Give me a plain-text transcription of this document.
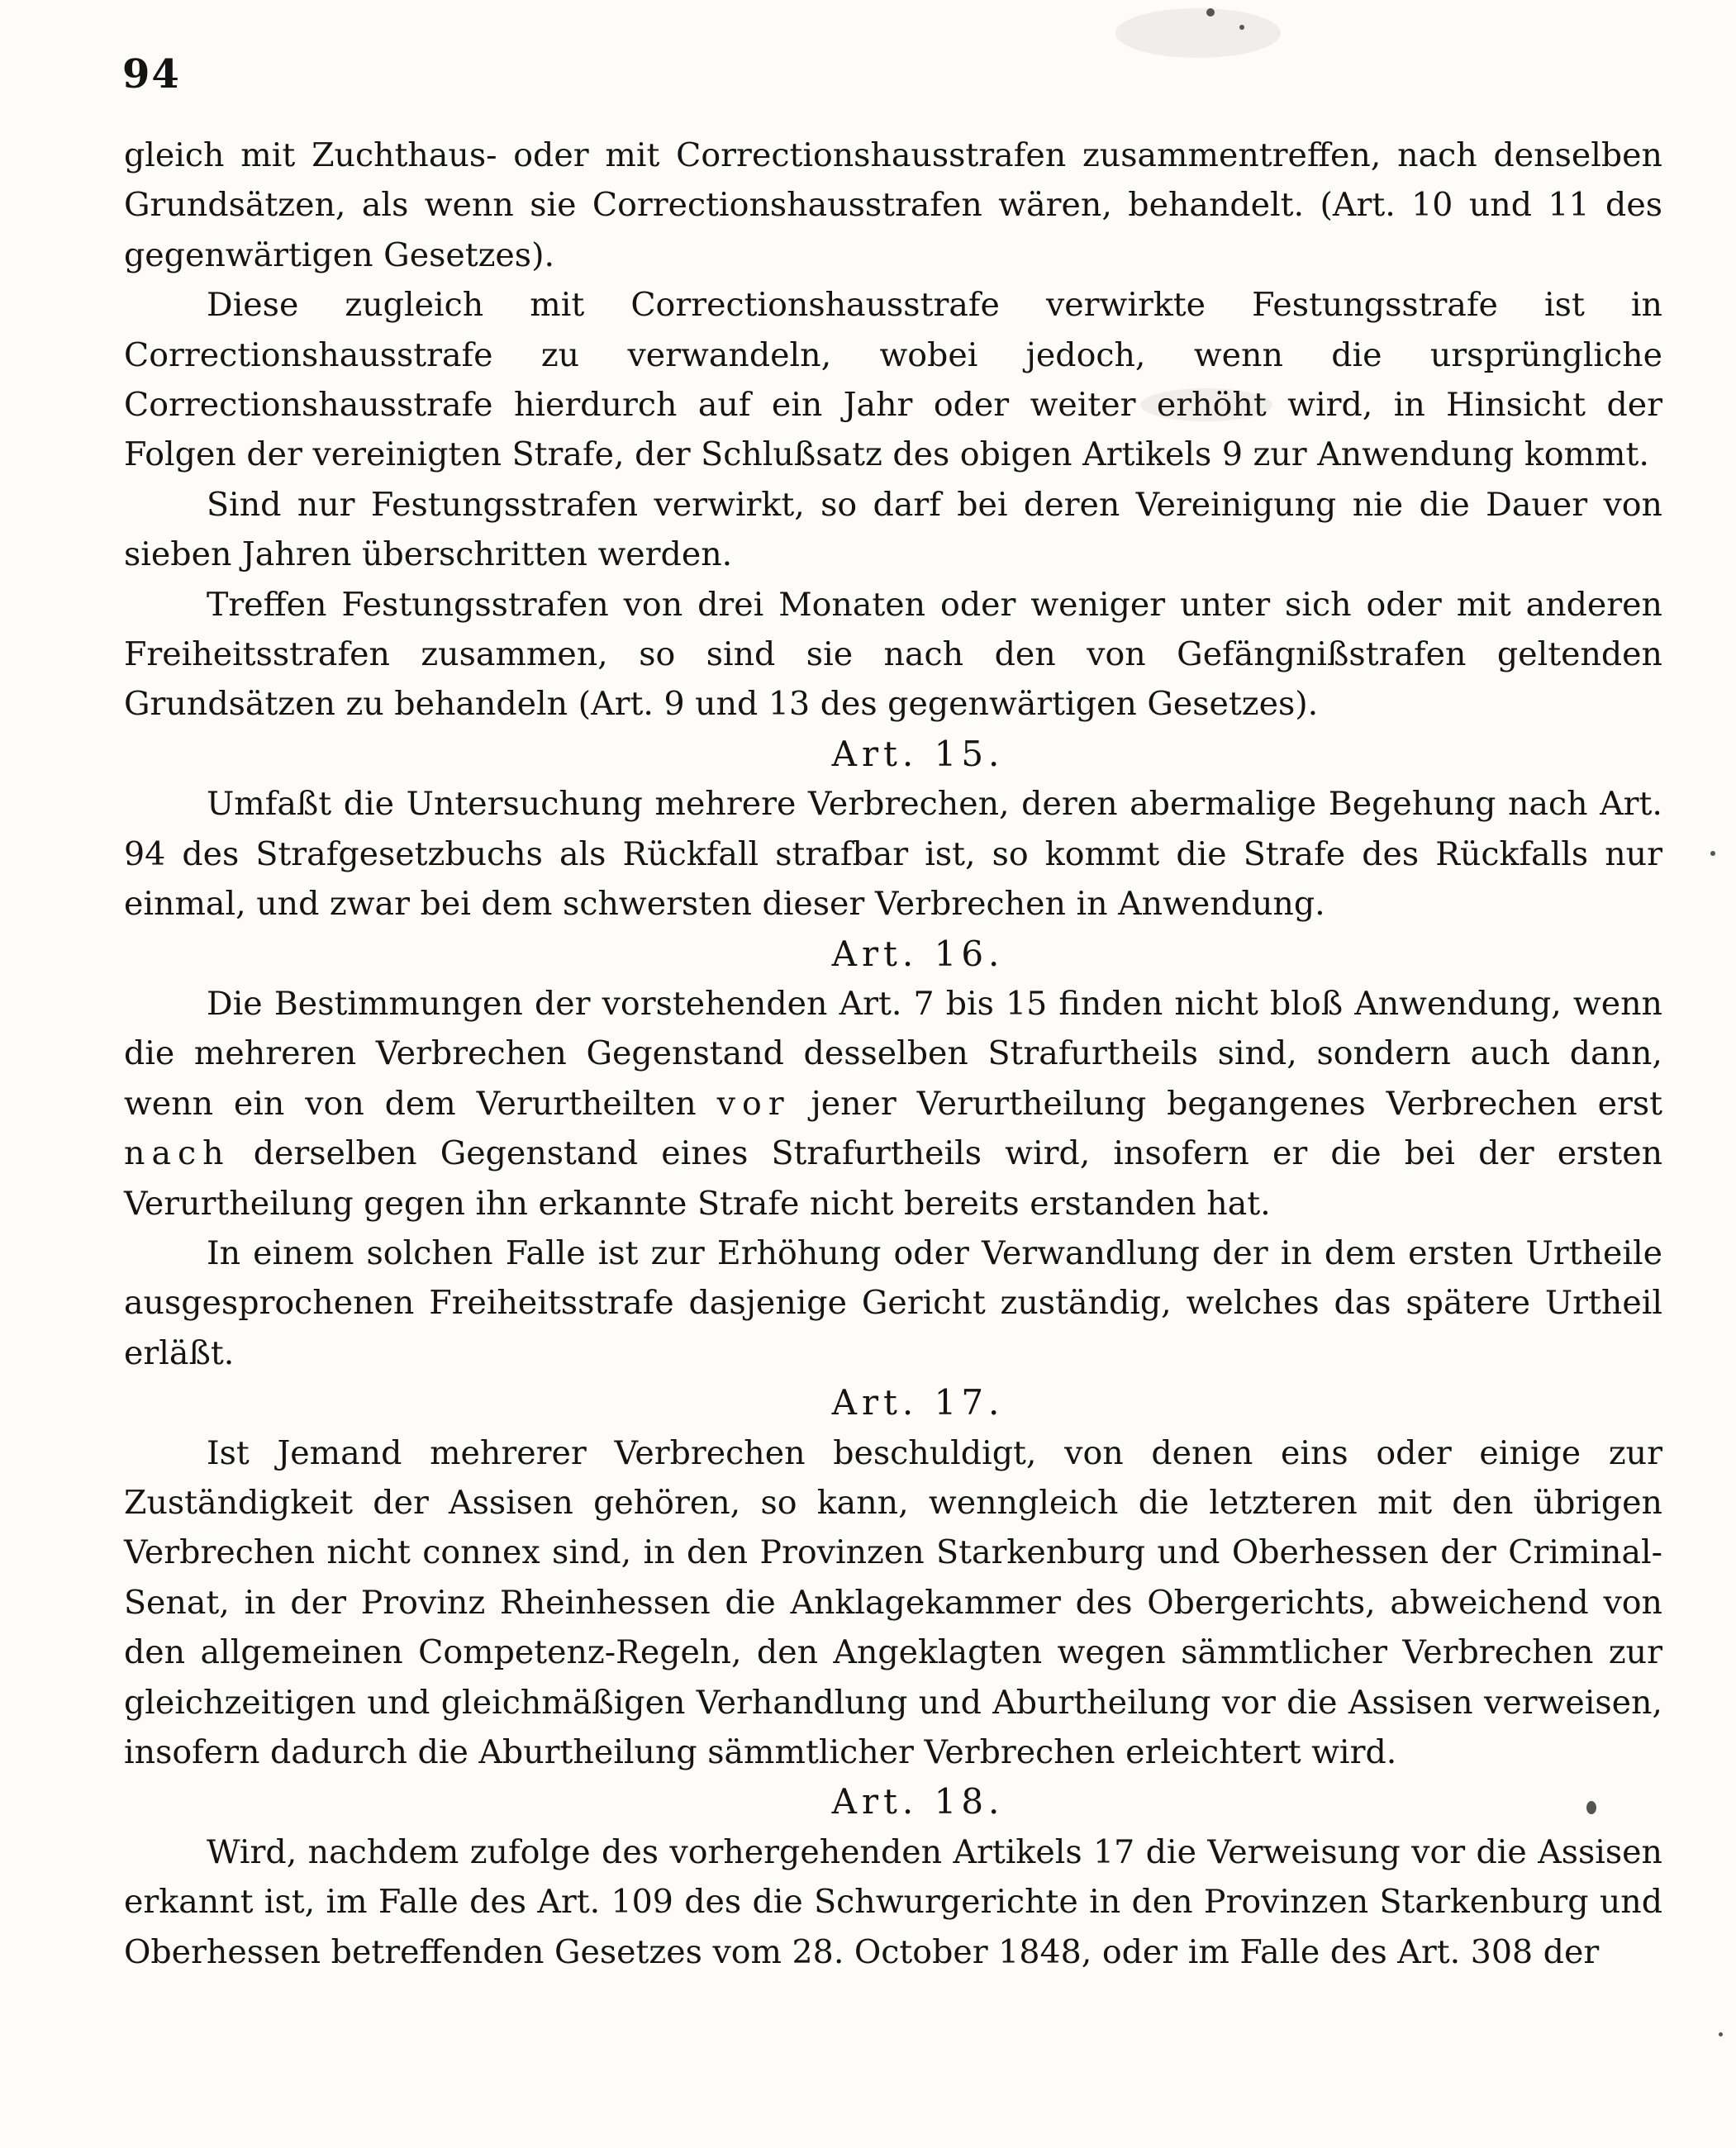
94

gleich mit Zuchthaus- oder mit Correctionshausstrafen zusammentreffen, nach denselben Grundsätzen, als wenn sie Correctionshausstrafen wären, behandelt. (Art. 10 und 11 des gegenwärtigen Gesetzes).

Diese zugleich mit Correctionshausstrafe verwirkte Festungsstrafe ist in Correctionshausstrafe zu verwandeln, wobei jedoch, wenn die ursprüngliche Correctionshausstrafe hierdurch auf ein Jahr oder weiter erhöht wird, in Hinsicht der Folgen der vereinigten Strafe, der Schlußsatz des obigen Artikels 9 zur Anwendung kommt.

Sind nur Festungsstrafen verwirkt, so darf bei deren Vereinigung nie die Dauer von sieben Jahren überschritten werden.

Treffen Festungsstrafen von drei Monaten oder weniger unter sich oder mit anderen Freiheitsstrafen zusammen, so sind sie nach den von Gefängnißstrafen geltenden Grundsätzen zu behandeln (Art. 9 und 13 des gegenwärtigen Gesetzes).

Art. 15.

Umfaßt die Untersuchung mehrere Verbrechen, deren abermalige Begehung nach Art. 94 des Strafgesetzbuchs als Rückfall strafbar ist, so kommt die Strafe des Rückfalls nur einmal, und zwar bei dem schwersten dieser Verbrechen in Anwendung.

Art. 16.

Die Bestimmungen der vorstehenden Art. 7 bis 15 finden nicht bloß Anwendung, wenn die mehreren Verbrechen Gegenstand desselben Strafurtheils sind, sondern auch dann, wenn ein von dem Verurtheilten vor jener Verurtheilung begangenes Verbrechen erst nach derselben Gegenstand eines Strafurtheils wird, insofern er die bei der ersten Verurtheilung gegen ihn erkannte Strafe nicht bereits erstanden hat.

In einem solchen Falle ist zur Erhöhung oder Verwandlung der in dem ersten Urtheile ausgesprochenen Freiheitsstrafe dasjenige Gericht zuständig, welches das spätere Urtheil erläßt.

Art. 17.

Ist Jemand mehrerer Verbrechen beschuldigt, von denen eins oder einige zur Zuständigkeit der Assisen gehören, so kann, wenngleich die letzteren mit den übrigen Verbrechen nicht connex sind, in den Provinzen Starkenburg und Oberhessen der Criminal-Senat, in der Provinz Rheinhessen die Anklagekammer des Obergerichts, abweichend von den allgemeinen Competenz-Regeln, den Angeklagten wegen sämmtlicher Verbrechen zur gleichzeitigen und gleichmäßigen Verhandlung und Aburtheilung vor die Assisen verweisen, insofern dadurch die Aburtheilung sämmtlicher Verbrechen erleichtert wird.

Art. 18.

Wird, nachdem zufolge des vorhergehenden Artikels 17 die Verweisung vor die Assisen erkannt ist, im Falle des Art. 109 des die Schwurgerichte in den Provinzen Starkenburg und Oberhessen betreffenden Gesetzes vom 28. October 1848, oder im Falle des Art. 308 der
